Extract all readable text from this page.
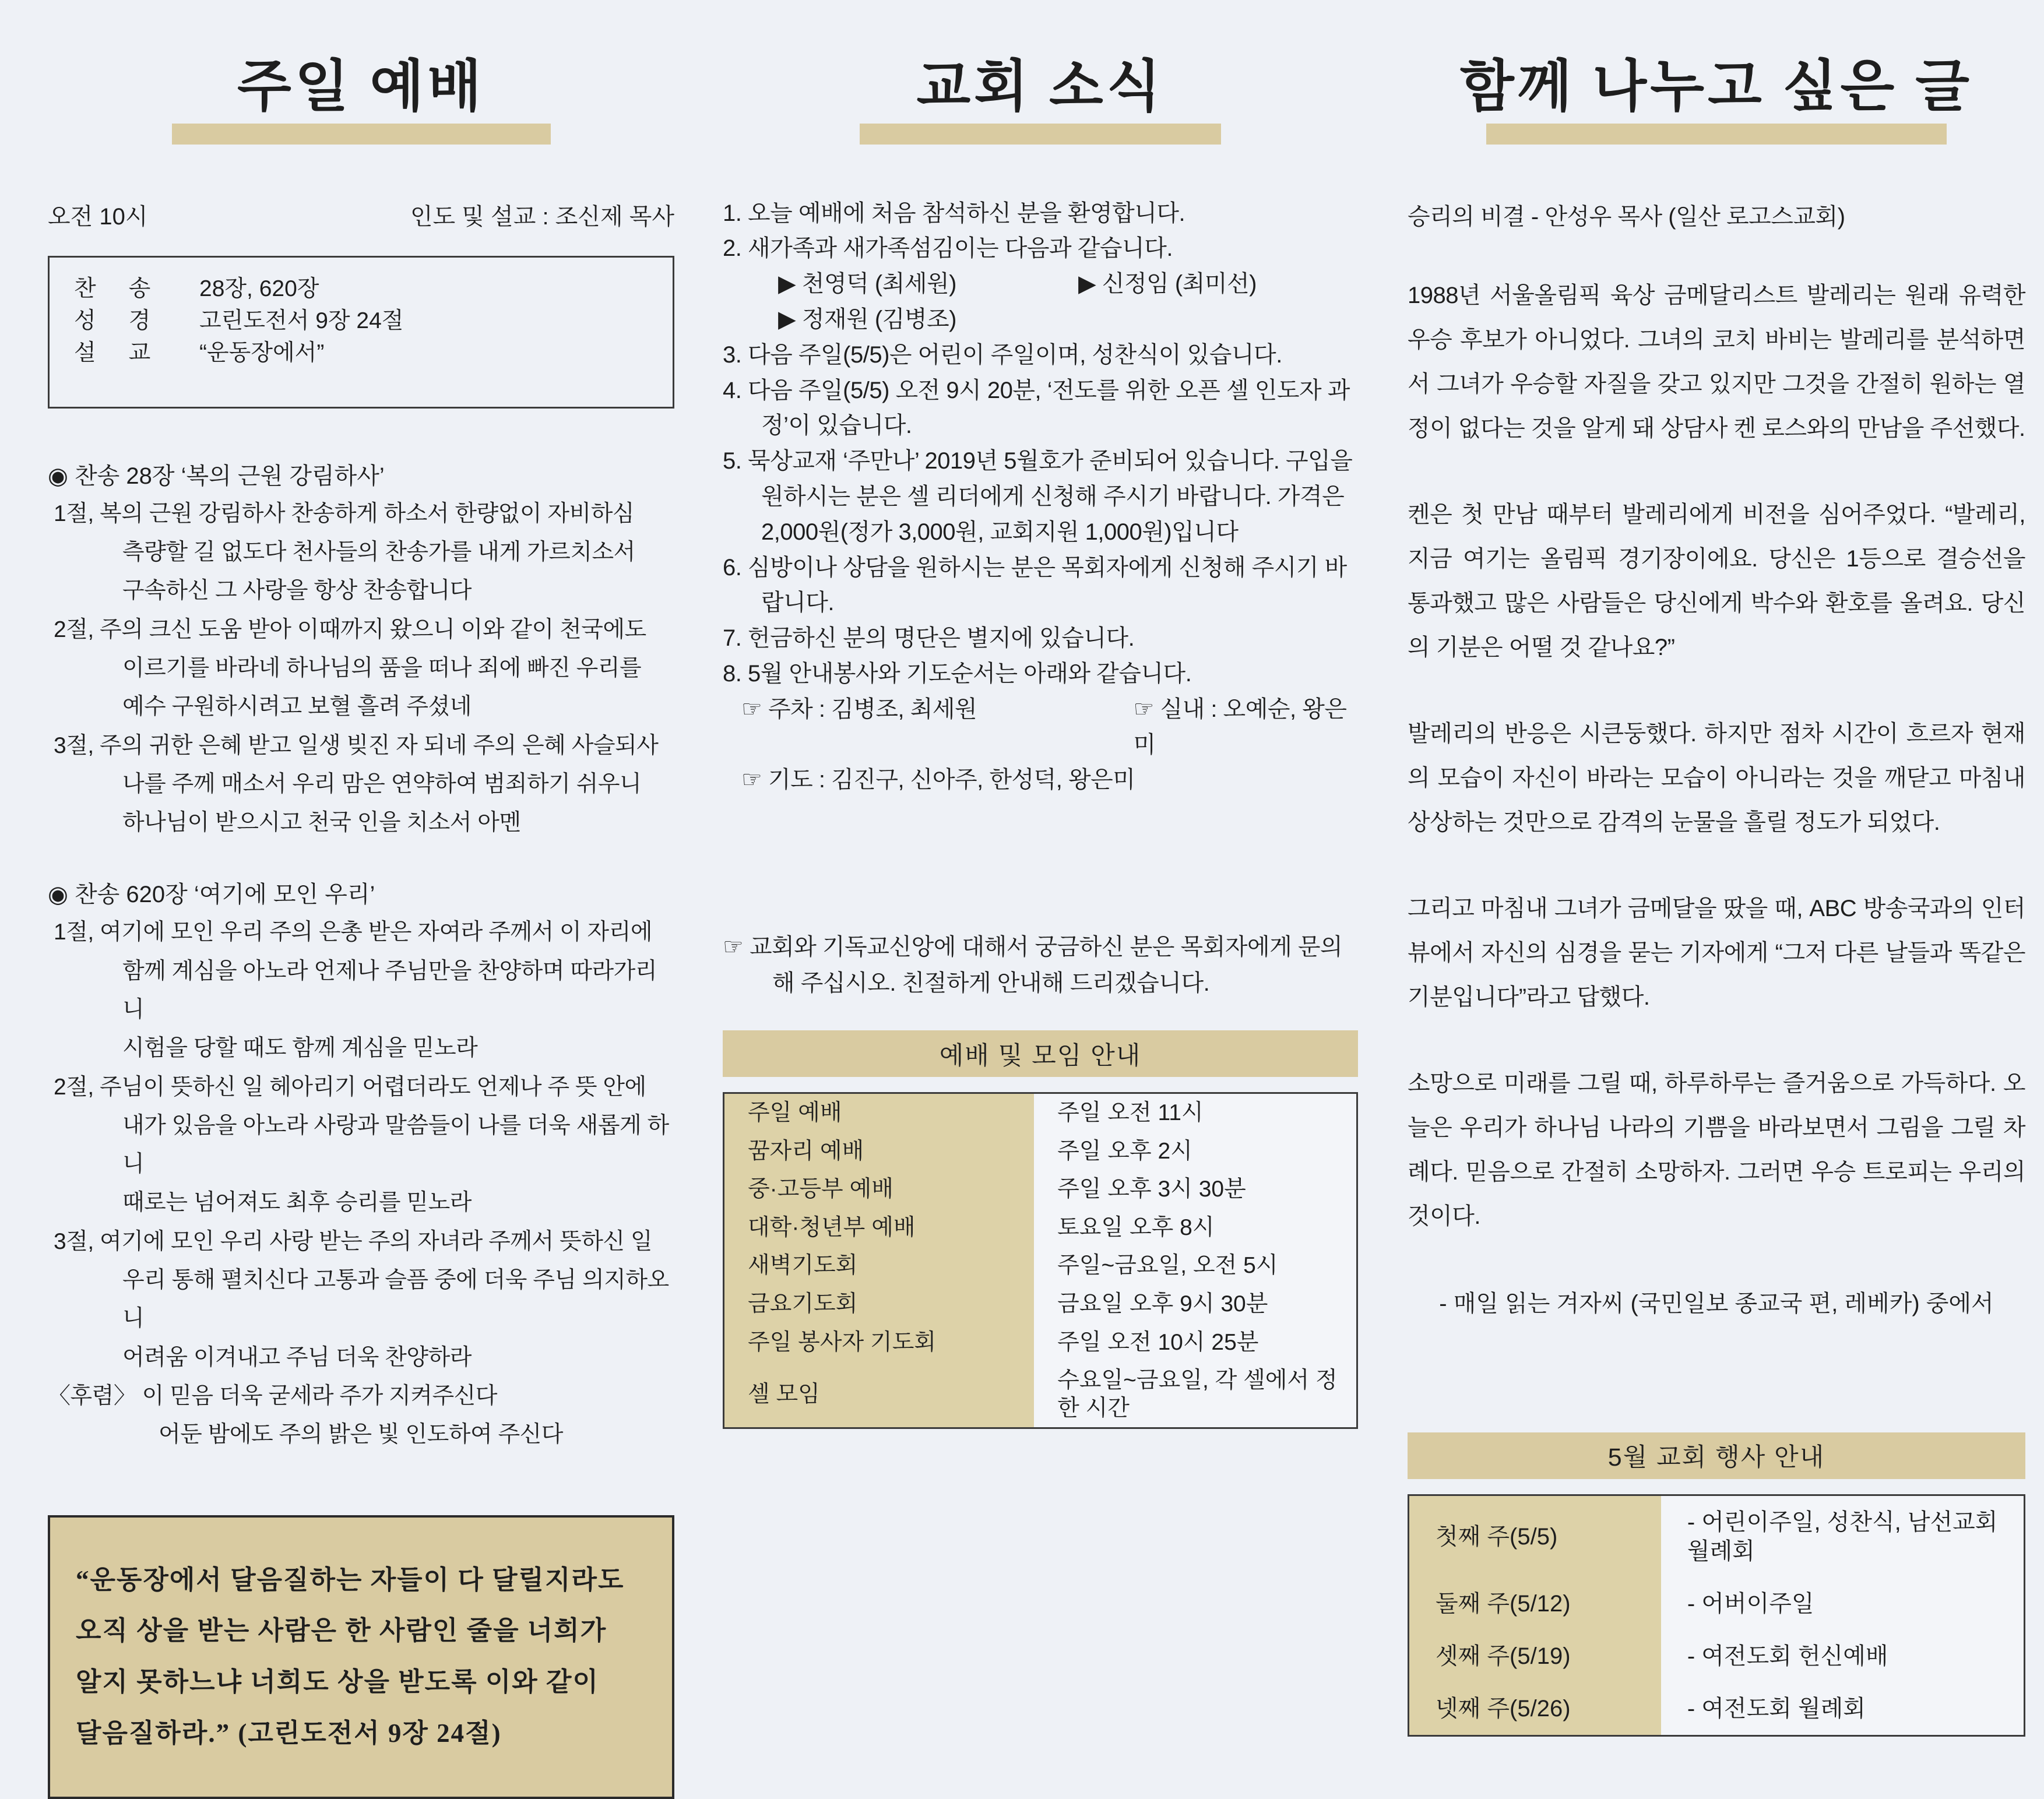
주일 예배
오전 10시	인도 및 설교 : 조신제 목사
찬송 28장, 620장
성경 고린도전서 9장 24절
설교 “운동장에서”
◉ 찬송 28장 ‘복의 근원 강림하사’
1절, 복의 근원 강림하사 찬송하게 하소서 한량없이 자비하심
측량할 길 없도다 천사들의 찬송가를 내게 가르치소서
구속하신 그 사랑을 항상 찬송합니다
2절, 주의 크신 도움 받아 이때까지 왔으니 이와 같이 천국에도
이르기를 바라네 하나님의 품을 떠나 죄에 빠진 우리를
예수 구원하시려고 보혈 흘려 주셨네
3절, 주의 귀한 은혜 받고 일생 빚진 자 되네 주의 은혜 사슬되사
나를 주께 매소서 우리 맘은 연약하여 범죄하기 쉬우니
하나님이 받으시고 천국 인을 치소서 아멘
◉ 찬송 620장 ‘여기에 모인 우리’
1절, 여기에 모인 우리 주의 은총 받은 자여라 주께서 이 자리에
함께 계심을 아노라 언제나 주님만을 찬양하며 따라가리니
시험을 당할 때도 함께 계심을 믿노라
2절, 주님이 뜻하신 일 헤아리기 어렵더라도 언제나 주 뜻 안에
내가 있음을 아노라 사랑과 말씀들이 나를 더욱 새롭게 하니
때로는 넘어져도 최후 승리를 믿노라
3절, 여기에 모인 우리 사랑 받는 주의 자녀라 주께서 뜻하신 일
우리 통해 펼치신다 고통과 슬픔 중에 더욱 주님 의지하오니
어려움 이겨내고 주님 더욱 찬양하라
〈후렴〉 이 믿음 더욱 굳세라 주가 지켜주신다
어둔 밤에도 주의 밝은 빛 인도하여 주신다
“운동장에서 달음질하는 자들이 다 달릴지라도
오직 상을 받는 사람은 한 사람인 줄을 너희가
알지 못하느냐 너희도 상을 받도록 이와 같이
달음질하라.” (고린도전서 9장 24절)
교회 소식
1. 오늘 예배에 처음 참석하신 분을 환영합니다.
2. 새가족과 새가족섬김이는 다음과 같습니다.
▶ 천영덕 (최세원)	▶ 신정임 (최미선)
▶ 정재원 (김병조)
3. 다음 주일(5/5)은 어린이 주일이며, 성찬식이 있습니다.
4. 다음 주일(5/5) 오전 9시 20분, ‘전도를 위한 오픈 셀 인도자 과정’이 있습니다.
5. 묵상교재 ‘주만나’ 2019년 5월호가 준비되어 있습니다. 구입을 원하시는 분은 셀 리더에게 신청해 주시기 바랍니다. 가격은 2,000원(정가 3,000원, 교회지원 1,000원)입니다
6. 심방이나 상담을 원하시는 분은 목회자에게 신청해 주시기 바랍니다.
7. 헌금하신 분의 명단은 별지에 있습니다.
8. 5월 안내봉사와 기도순서는 아래와 같습니다.
☞ 주차 : 김병조, 최세원	☞ 실내 : 오예순, 왕은미
☞ 기도 : 김진구, 신아주, 한성덕, 왕은미
☞ 교회와 기독교신앙에 대해서 궁금하신 분은 목회자에게 문의해 주십시오. 친절하게 안내해 드리겠습니다.
예배 및 모임 안내
주일 예배	주일 오전 11시
꿈자리 예배	주일 오후 2시
중·고등부 예배	주일 오후 3시 30분
대학·청년부 예배	토요일 오후 8시
새벽기도회	주일~금요일, 오전 5시
금요기도회	금요일 오후 9시 30분
주일 봉사자 기도회	주일 오전 10시 25분
셀 모임	수요일~금요일, 각 셀에서 정한 시간
함께 나누고 싶은 글
승리의 비결 - 안성우 목사 (일산 로고스교회)

1988년 서울올림픽 육상 금메달리스트 발레리는 원래 유력한 우승 후보가 아니었다. 그녀의 코치 바비는 발레리를 분석하면서 그녀가 우승할 자질을 갖고 있지만 그것을 간절히 원하는 열정이 없다는 것을 알게 돼 상담사 켄 로스와의 만남을 주선했다.

켄은 첫 만남 때부터 발레리에게 비전을 심어주었다. “발레리, 지금 여기는 올림픽 경기장이에요. 당신은 1등으로 결승선을 통과했고 많은 사람들은 당신에게 박수와 환호를 올려요. 당신의 기분은 어떨 것 같나요?”

발레리의 반응은 시큰둥했다. 하지만 점차 시간이 흐르자 현재의 모습이 자신이 바라는 모습이 아니라는 것을 깨닫고 마침내 상상하는 것만으로 감격의 눈물을 흘릴 정도가 되었다.

그리고 마침내 그녀가 금메달을 땄을 때, ABC 방송국과의 인터뷰에서 자신의 심경을 묻는 기자에게 “그저 다른 날들과 똑같은 기분입니다”라고 답했다.

소망으로 미래를 그릴 때, 하루하루는 즐거움으로 가득하다. 오늘은 우리가 하나님 나라의 기쁨을 바라보면서 그림을 그릴 차례다. 믿음으로 간절히 소망하자. 그러면 우승 트로피는 우리의 것이다.

- 매일 읽는 겨자씨 (국민일보 종교국 편, 레베카) 중에서
5월 교회 행사 안내
첫째 주(5/5)	- 어린이주일, 성찬식, 남선교회 월례회
둘째 주(5/12)	- 어버이주일
셋째 주(5/19)	- 여전도회 헌신예배
넷째 주(5/26)	- 여전도회 월례회
